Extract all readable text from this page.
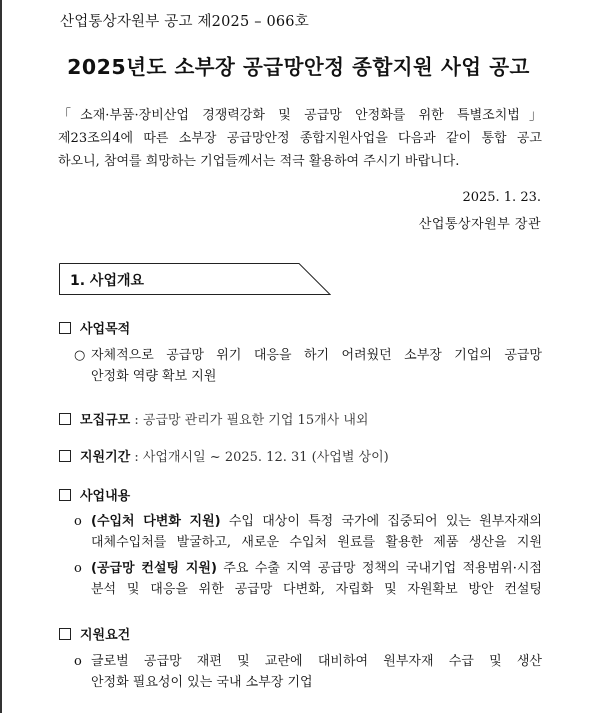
산업통상자원부 공고 제2025 – 066호
2025년도 소부장 공급망안정 종합지원 사업 공고

「소재·부품·장비산업 경쟁력강화 및 공급망 안정화를 위한 특별조치법」

제23조의4에 따른 소부장 공급망안정 종합지원사업을 다음과 같이 통합 공고

하오니, 참여를 희망하는 기업들께서는 적극 활용하여 주시기 바랍니다.

2025. 1. 23.
산업통상자원부 장관
1. 사업개요
사업목적
○ 자체적으로 공급망 위기 대응을 하기 어려웠던 소부장 기업의 공급망
안정화 역량 확보 지원
모집규모 : 공급망 관리가 필요한 기업 15개사 내외
지원기간 : 사업개시일 ~ 2025. 12. 31 (사업별 상이)
사업내용
ο (수입처 다변화 지원) 수입 대상이 특정 국가에 집중되어 있는 원부자재의
대체수입처를 발굴하고, 새로운 수입처 원료를 활용한 제품 생산을 지원
ο (공급망 컨설팅 지원) 주요 수출 지역 공급망 정책의 국내기업 적용범위·시점
분석 및 대응을 위한 공급망 다변화, 자립화 및 자원확보 방안 컨설팅
지원요건
ο 글로벌 공급망 재편 및 교란에 대비하여 원부자재 수급 및 생산
안정화 필요성이 있는 국내 소부장 기업
